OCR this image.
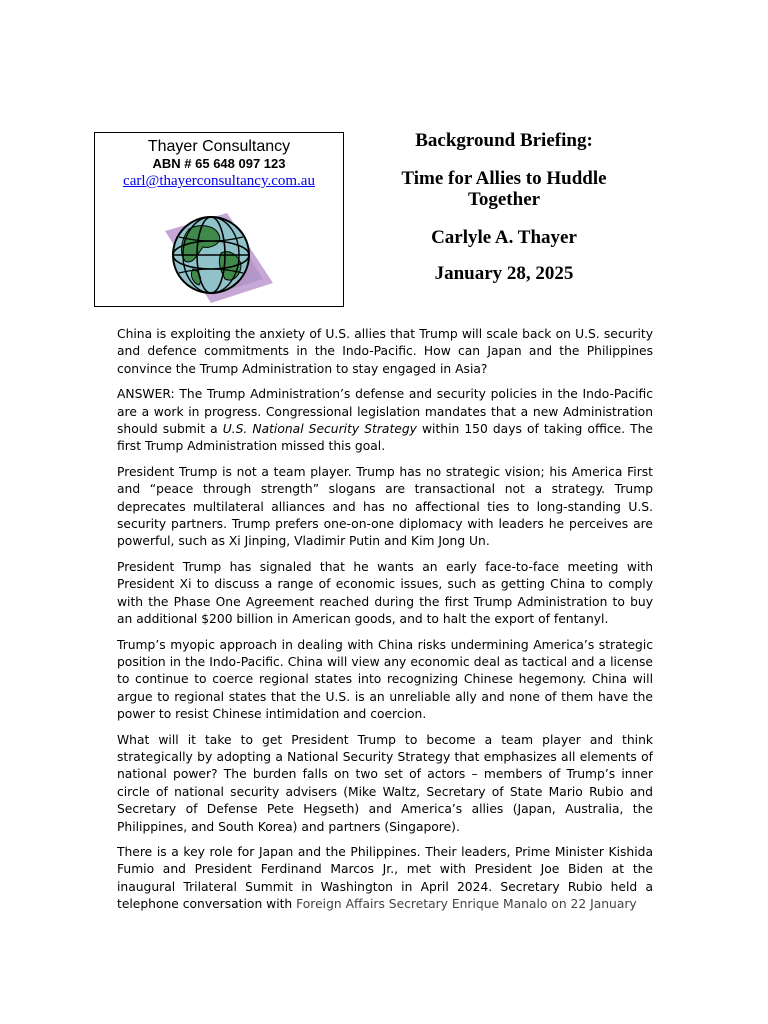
Thayer Consultancy
ABN # 65 648 097 123
carl@thayerconsultancy.com.au
Background Briefing:
Time for Allies to Huddle
Together
Carlyle A. Thayer
January 28, 2025

China is exploiting the anxiety of U.S. allies that Trump will scale back on U.S. security and defence commitments in the Indo-Pacific. How can Japan and the Philippines convince the Trump Administration to stay engaged in Asia?

ANSWER: The Trump Administration’s defense and security policies in the Indo-Pacific are a work in progress. Congressional legislation mandates that a new Administration should submit a U.S. National Security Strategy within 150 days of taking office. The first Trump Administration missed this goal.

President Trump is not a team player. Trump has no strategic vision; his America First and “peace through strength” slogans are transactional not a strategy. Trump deprecates multilateral alliances and has no affectional ties to long-standing U.S. security partners. Trump prefers one-on-one diplomacy with leaders he perceives are powerful, such as Xi Jinping, Vladimir Putin and Kim Jong Un.

President Trump has signaled that he wants an early face-to-face meeting with President Xi to discuss a range of economic issues, such as getting China to comply with the Phase One Agreement reached during the first Trump Administration to buy an additional $200 billion in American goods, and to halt the export of fentanyl.

Trump’s myopic approach in dealing with China risks undermining America’s strategic position in the Indo-Pacific. China will view any economic deal as tactical and a license to continue to coerce regional states into recognizing Chinese hegemony. China will argue to regional states that the U.S. is an unreliable ally and none of them have the power to resist Chinese intimidation and coercion.

What will it take to get President Trump to become a team player and think strategically by adopting a National Security Strategy that emphasizes all elements of national power? The burden falls on two set of actors – members of Trump’s inner circle of national security advisers (Mike Waltz, Secretary of State Mario Rubio and Secretary of Defense Pete Hegseth) and America’s allies (Japan, Australia, the Philippines, and South Korea) and partners (Singapore).

There is a key role for Japan and the Philippines. Their leaders, Prime Minister Kishida Fumio and President Ferdinand Marcos Jr., met with President Joe Biden at the inaugural Trilateral Summit in Washington in April 2024. Secretary Rubio held a telephone conversation with Foreign Affairs Secretary Enrique Manalo on 22 January
